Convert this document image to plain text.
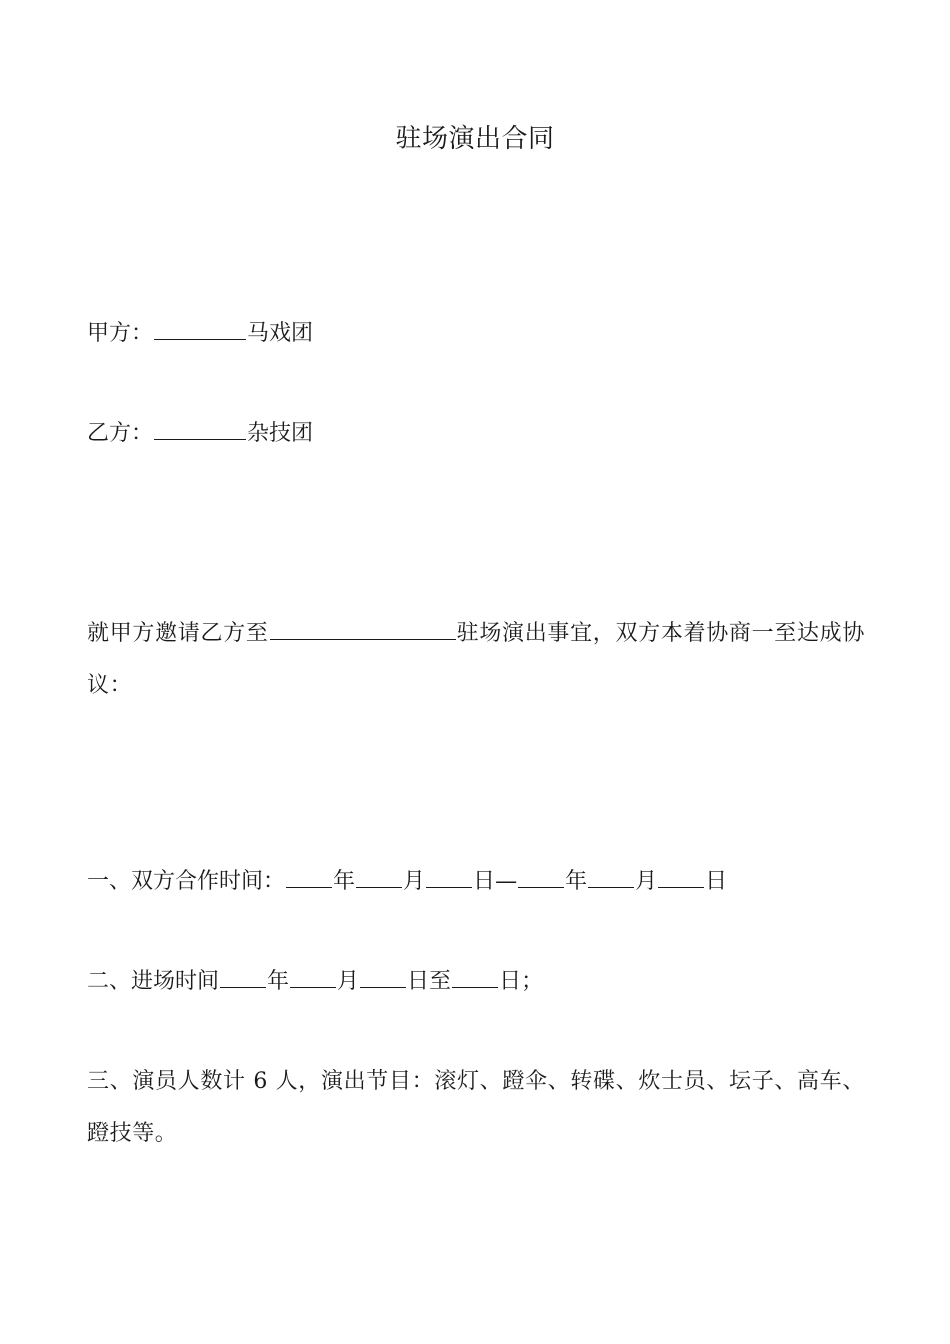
驻场演出合同
甲方：	马戏团
乙方：	杂技团
就甲方邀请乙方至	驻场演出事宜，双方本着协商一至达成协议：
一、双方合作时间： 年 月 日— 年 月 日
二、进场时间 年 月 日至 日；
三、演员人数计 6 人，演出节目：滚灯、蹬伞、转碟、炊士员、坛子、高车、蹬技等。
